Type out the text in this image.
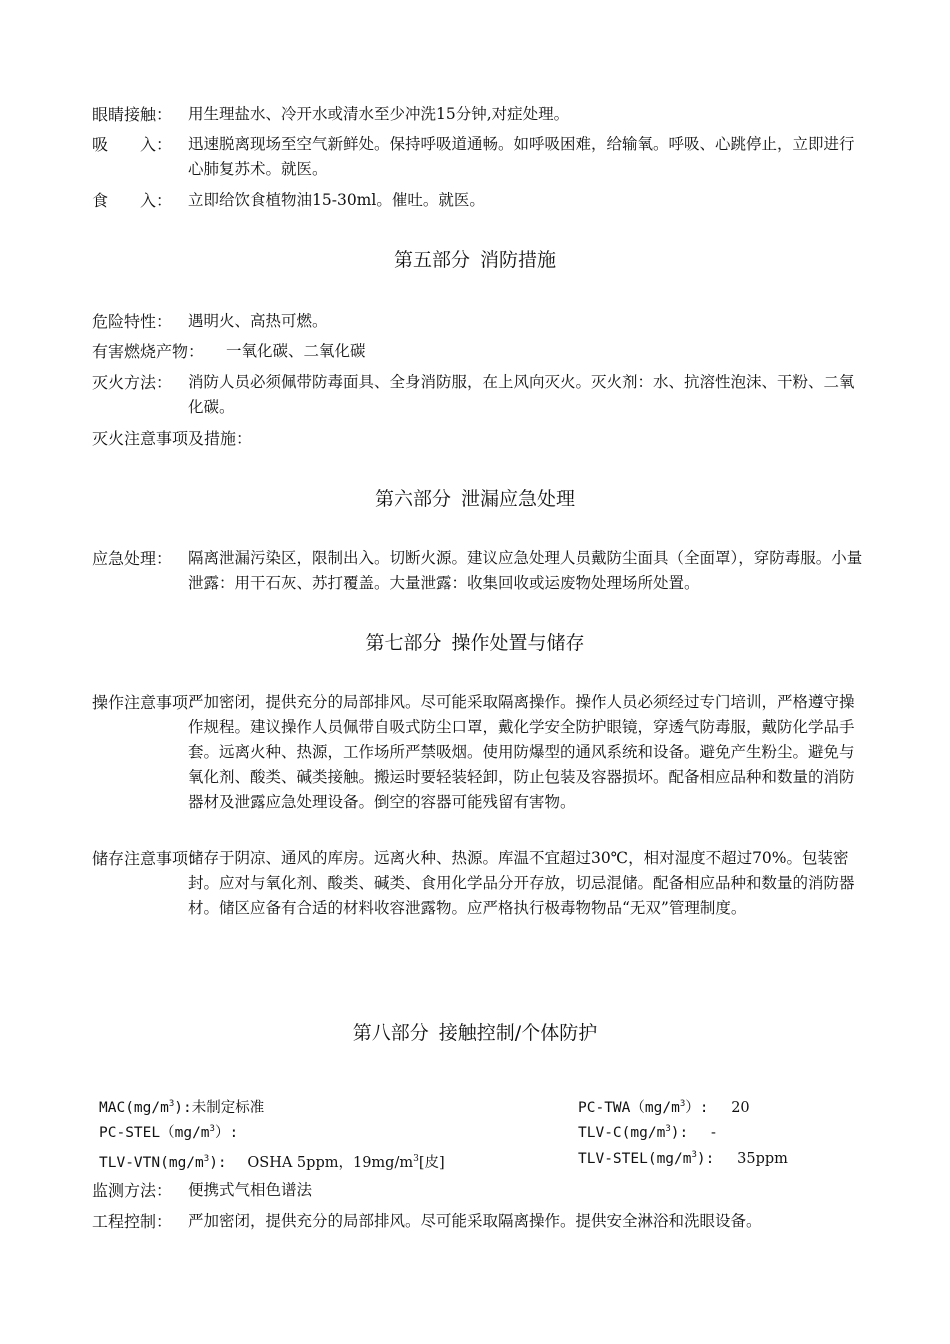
眼睛接触： 用生理盐水、冷开水或清水至少冲洗15分钟,对症处理。
吸　　入： 迅速脱离现场至空气新鲜处。保持呼吸道通畅。如呼吸困难，给输氧。呼吸、心跳停止，立即进行心肺复苏术。就医。
食　　入： 立即给饮食植物油15-30ml。催吐。就医。
第五部分 消防措施
危险特性： 遇明火、高热可燃。
有害燃烧产物： 一氧化碳、二氧化碳
灭火方法： 消防人员必须佩带防毒面具、全身消防服，在上风向灭火。灭火剂：水、抗溶性泡沫、干粉、二氧化碳。
灭火注意事项及措施：
第六部分 泄漏应急处理
应急处理： 隔离泄漏污染区，限制出入。切断火源。建议应急处理人员戴防尘面具（全面罩），穿防毒服。小量泄露：用干石灰、苏打覆盖。大量泄露：收集回收或运废物处理场所处置。
第七部分 操作处置与储存
操作注意事项：
严加密闭，提供充分的局部排风。尽可能采取隔离操作。操作人员必须经过专门培训，严格遵守操作规程。建议操作人员佩带自吸式防尘口罩，戴化学安全防护眼镜，穿透气防毒服，戴防化学品手套。远离火种、热源，工作场所严禁吸烟。使用防爆型的通风系统和设备。避免产生粉尘。避免与氧化剂、酸类、碱类接触。搬运时要轻装轻卸，防止包装及容器损坏。配备相应品种和数量的消防器材及泄露应急处理设备。倒空的容器可能残留有害物。
储存注意事项：
储存于阴凉、通风的库房。远离火种、热源。库温不宜超过30℃，相对湿度不超过70%。包装密封。应对与氧化剂、酸类、碱类、食用化学品分开存放，切忌混储。配备相应品种和数量的消防器材。储区应备有合适的材料收容泄露物。应严格执行极毒物物品“无双”管理制度。
第八部分 接触控制/个体防护
$MAC(mg/m^3)$:未制定标准	$PC-TWA(mg/m^3)$: 20
$PC-STEL(mg/m^3)$:	TLV-$C(mg/m^3)$: -
TLV-$VTN(mg/m^3)$: OSHA 5ppm，$19mg/m^3$[皮]	TLV-$STEL(mg/m^3)$: 35ppm
监测方法： 便携式气相色谱法
工程控制： 严加密闭，提供充分的局部排风。尽可能采取隔离操作。提供安全淋浴和洗眼设备。
